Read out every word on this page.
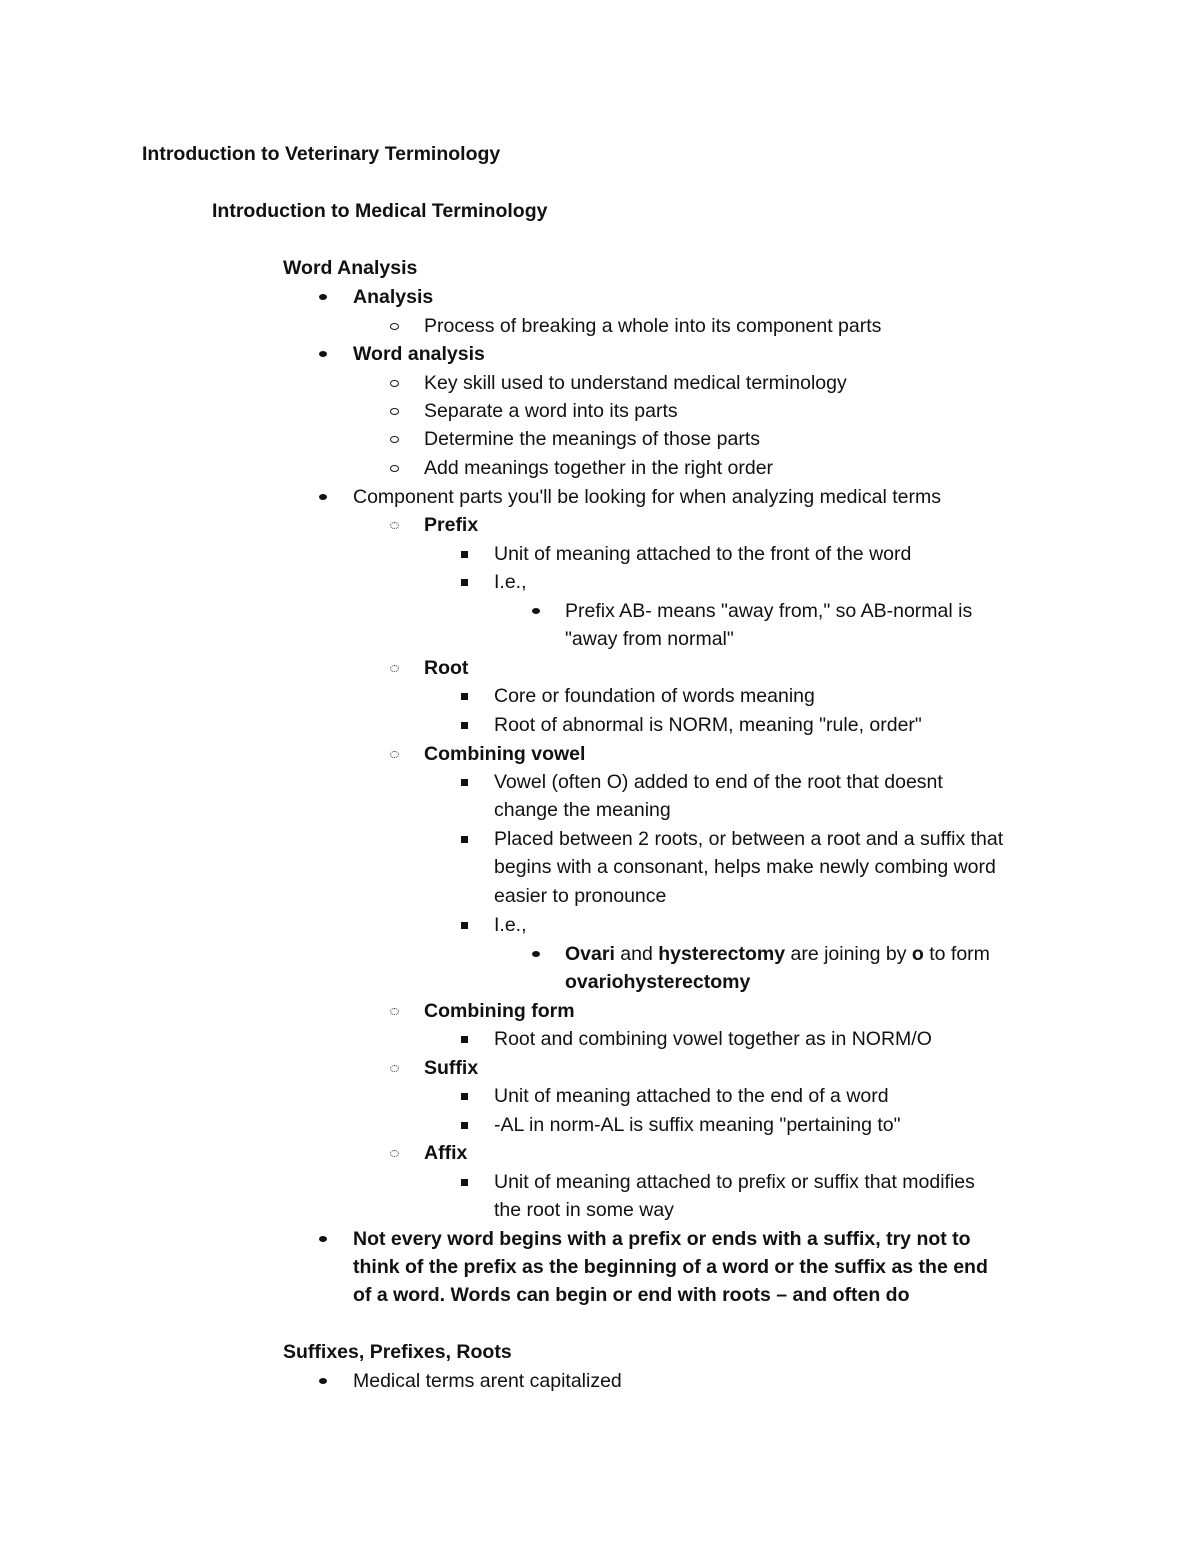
Introduction to Veterinary Terminology
Introduction to Medical Terminology
Word Analysis
Analysis
Process of breaking a whole into its component parts
Word analysis
Key skill used to understand medical terminology
Separate a word into its parts
Determine the meanings of those parts
Add meanings together in the right order
Component parts you'll be looking for when analyzing medical terms
Prefix
Unit of meaning attached to the front of the word
I.e.,
Prefix AB- means "away from," so AB-normal is
"away from normal"
Root
Core or foundation of words meaning
Root of abnormal is NORM, meaning "rule, order"
Combining vowel
Vowel (often O) added to end of the root that doesnt
change the meaning
Placed between 2 roots, or between a root and a suffix that
begins with a consonant, helps make newly combing word
easier to pronounce
I.e.,
Ovari and hysterectomy are joining by o to form
ovariohysterectomy
Combining form
Root and combining vowel together as in NORM/O
Suffix
Unit of meaning attached to the end of a word
-AL in norm-AL is suffix meaning "pertaining to"
Affix
Unit of meaning attached to prefix or suffix that modifies
the root in some way
Not every word begins with a prefix or ends with a suffix, try not to
think of the prefix as the beginning of a word or the suffix as the end
of a word. Words can begin or end with roots – and often do
Suffixes, Prefixes, Roots
Medical terms arent capitalized
